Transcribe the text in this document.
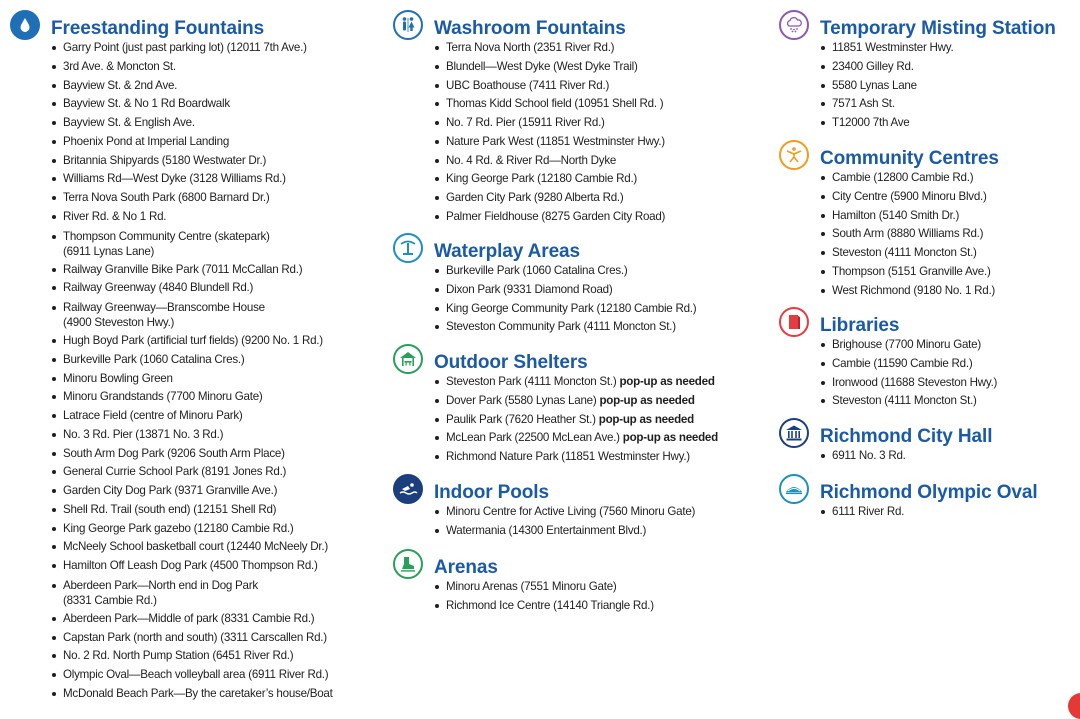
Freestanding Fountains
Garry Point (just past parking lot) (12011 7th Ave.)
3rd Ave. & Moncton St.
Bayview St. & 2nd Ave.
Bayview St. & No 1 Rd Boardwalk
Bayview St. & English Ave.
Phoenix Pond at Imperial Landing
Britannia Shipyards (5180 Westwater Dr.)
Williams Rd—West Dyke (3128 Williams Rd.)
Terra Nova South Park (6800 Barnard Dr.)
River Rd. & No 1 Rd.
Thompson Community Centre (skatepark)
(6911 Lynas Lane)
Railway Granville Bike Park (7011 McCallan Rd.)
Railway Greenway (4840 Blundell Rd.)
Railway Greenway—Branscombe House
(4900 Steveston Hwy.)
Hugh Boyd Park (artificial turf fields) (9200 No. 1 Rd.)
Burkeville Park (1060 Catalina Cres.)
Minoru Bowling Green
Minoru Grandstands (7700 Minoru Gate)
Latrace Field (centre of Minoru Park)
No. 3 Rd. Pier (13871 No. 3 Rd.)
South Arm Dog Park (9206 South Arm Place)
General Currie School Park (8191 Jones Rd.)
Garden City Dog Park (9371 Granville Ave.)
Shell Rd. Trail (south end) (12151 Shell Rd)
King George Park gazebo (12180 Cambie Rd.)
McNeely School basketball court (12440 McNeely Dr.)
Hamilton Off Leash Dog Park (4500 Thompson Rd.)
Aberdeen Park—North end in Dog Park
(8331 Cambie Rd.)
Aberdeen Park—Middle of park (8331 Cambie Rd.)
Capstan Park (north and south) (3311 Carscallen Rd.)
No. 2 Rd. North Pump Station (6451 River Rd.)
Olympic Oval—Beach volleyball area (6911 River Rd.)
McDonald Beach Park—By the caretaker’s house/Boat
Washroom Fountains
Terra Nova North (2351 River Rd.)
Blundell—West Dyke (West Dyke Trail)
UBC Boathouse (7411 River Rd.)
Thomas Kidd School field (10951 Shell Rd. )
No. 7 Rd. Pier (15911 River Rd.)
Nature Park West (11851 Westminster Hwy.)
No. 4 Rd. & River Rd—North Dyke
King George Park (12180 Cambie Rd.)
Garden City Park (9280 Alberta Rd.)
Palmer Fieldhouse (8275 Garden City Road)
Waterplay Areas
Burkeville Park (1060 Catalina Cres.)
Dixon Park (9331 Diamond Road)
King George Community Park (12180 Cambie Rd.)
Steveston Community Park (4111 Moncton St.)
Outdoor Shelters
Steveston Park (4111 Moncton St.) pop-up as needed
Dover Park (5580 Lynas Lane) pop-up as needed
Paulik Park (7620 Heather St.) pop-up as needed
McLean Park (22500 McLean Ave.) pop-up as needed
Richmond Nature Park (11851 Westminster Hwy.)
Indoor Pools
Minoru Centre for Active Living (7560 Minoru Gate)
Watermania (14300 Entertainment Blvd.)
Arenas
Minoru Arenas (7551 Minoru Gate)
Richmond Ice Centre (14140 Triangle Rd.)
Temporary Misting Station
11851 Westminster Hwy.
23400 Gilley Rd.
5580 Lynas Lane
7571 Ash St.
T12000 7th Ave
Community Centres
Cambie (12800 Cambie Rd.)
City Centre (5900 Minoru Blvd.)
Hamilton (5140 Smith Dr.)
South Arm (8880 Williams Rd.)
Steveston (4111 Moncton St.)
Thompson (5151 Granville Ave.)
West Richmond (9180 No. 1 Rd.)
Libraries
Brighouse (7700 Minoru Gate)
Cambie (11590 Cambie Rd.)
Ironwood (11688 Steveston Hwy.)
Steveston (4111 Moncton St.)
Richmond City Hall
6911 No. 3 Rd.
Richmond Olympic Oval
6111 River Rd.
